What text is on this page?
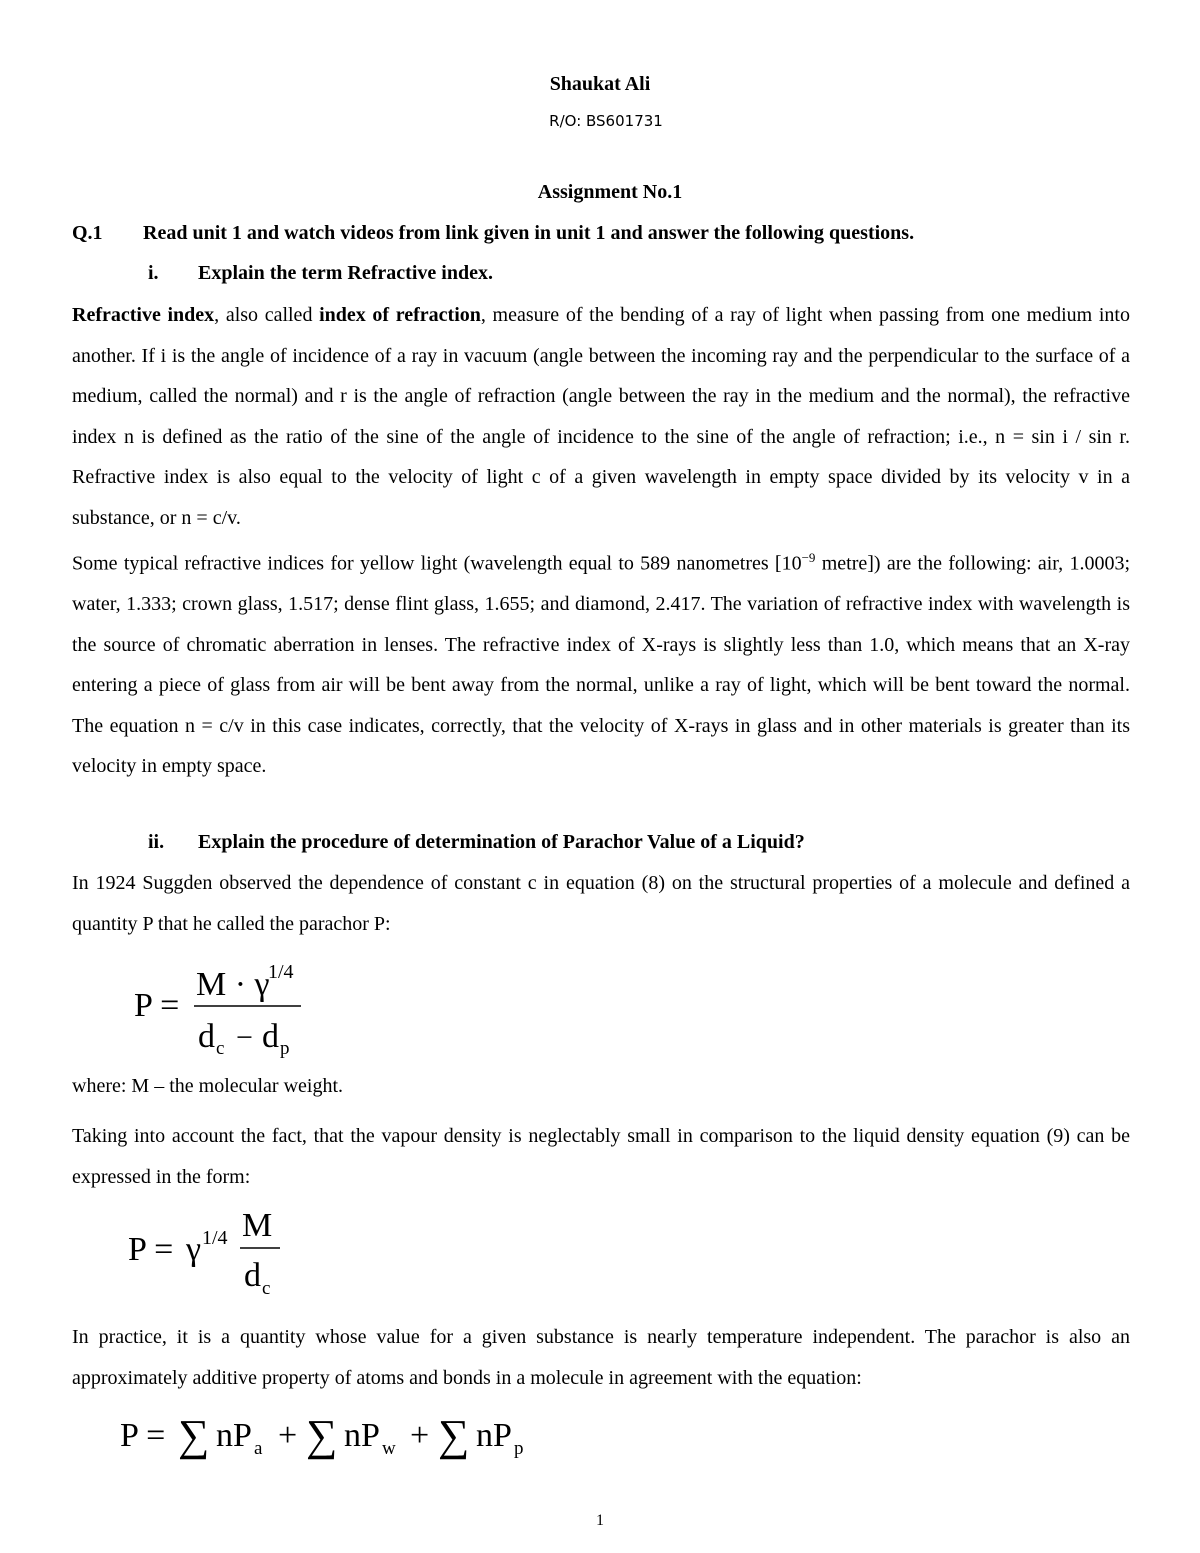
Shaukat Ali

R/O: BS601731

Assignment No.1

Q.1 Read unit 1 and watch videos from link given in unit 1 and answer the following questions.

i. Explain the term Refractive index.

Refractive index, also called index of refraction, measure of the bending of a ray of light when passing from one medium into another. If i is the angle of incidence of a ray in vacuum (angle between the incoming ray and the perpendicular to the surface of a medium, called the normal) and r is the angle of refraction (angle between the ray in the medium and the normal), the refractive index n is defined as the ratio of the sine of the angle of incidence to the sine of the angle of refraction; i.e., n = sin i / sin r. Refractive index is also equal to the velocity of light c of a given wavelength in empty space divided by its velocity v in a substance, or n = c/v.

Some typical refractive indices for yellow light (wavelength equal to 589 nanometres [$10^{-9}$ metre]) are the following: air, 1.0003; water, 1.333; crown glass, 1.517; dense flint glass, 1.655; and diamond, 2.417. The variation of refractive index with wavelength is the source of chromatic aberration in lenses. The refractive index of X-rays is slightly less than 1.0, which means that an X-ray entering a piece of glass from air will be bent away from the normal, unlike a ray of light, which will be bent toward the normal. The equation n = c/v in this case indicates, correctly, that the velocity of X-rays in glass and in other materials is greater than its velocity in empty space.

ii. Explain the procedure of determination of Parachor Value of a Liquid?

In 1924 Suggden observed the dependence of constant c in equation (8) on the structural properties of a molecule and defined a quantity P that he called the parachor P:

P =
M · γ
1/4
d c − d p

where: M – the molecular weight.

Taking into account the fact, that the vapour density is neglectably small in comparison to the liquid density equation (9) can be expressed in the form:

P = γ 1/4 M
d c

In practice, it is a quantity whose value for a given substance is nearly temperature independent. The parachor is also an approximately additive property of atoms and bonds in a molecule in agreement with the equation:

P = ∑ nP a + ∑ nP w + ∑ nP p

1
